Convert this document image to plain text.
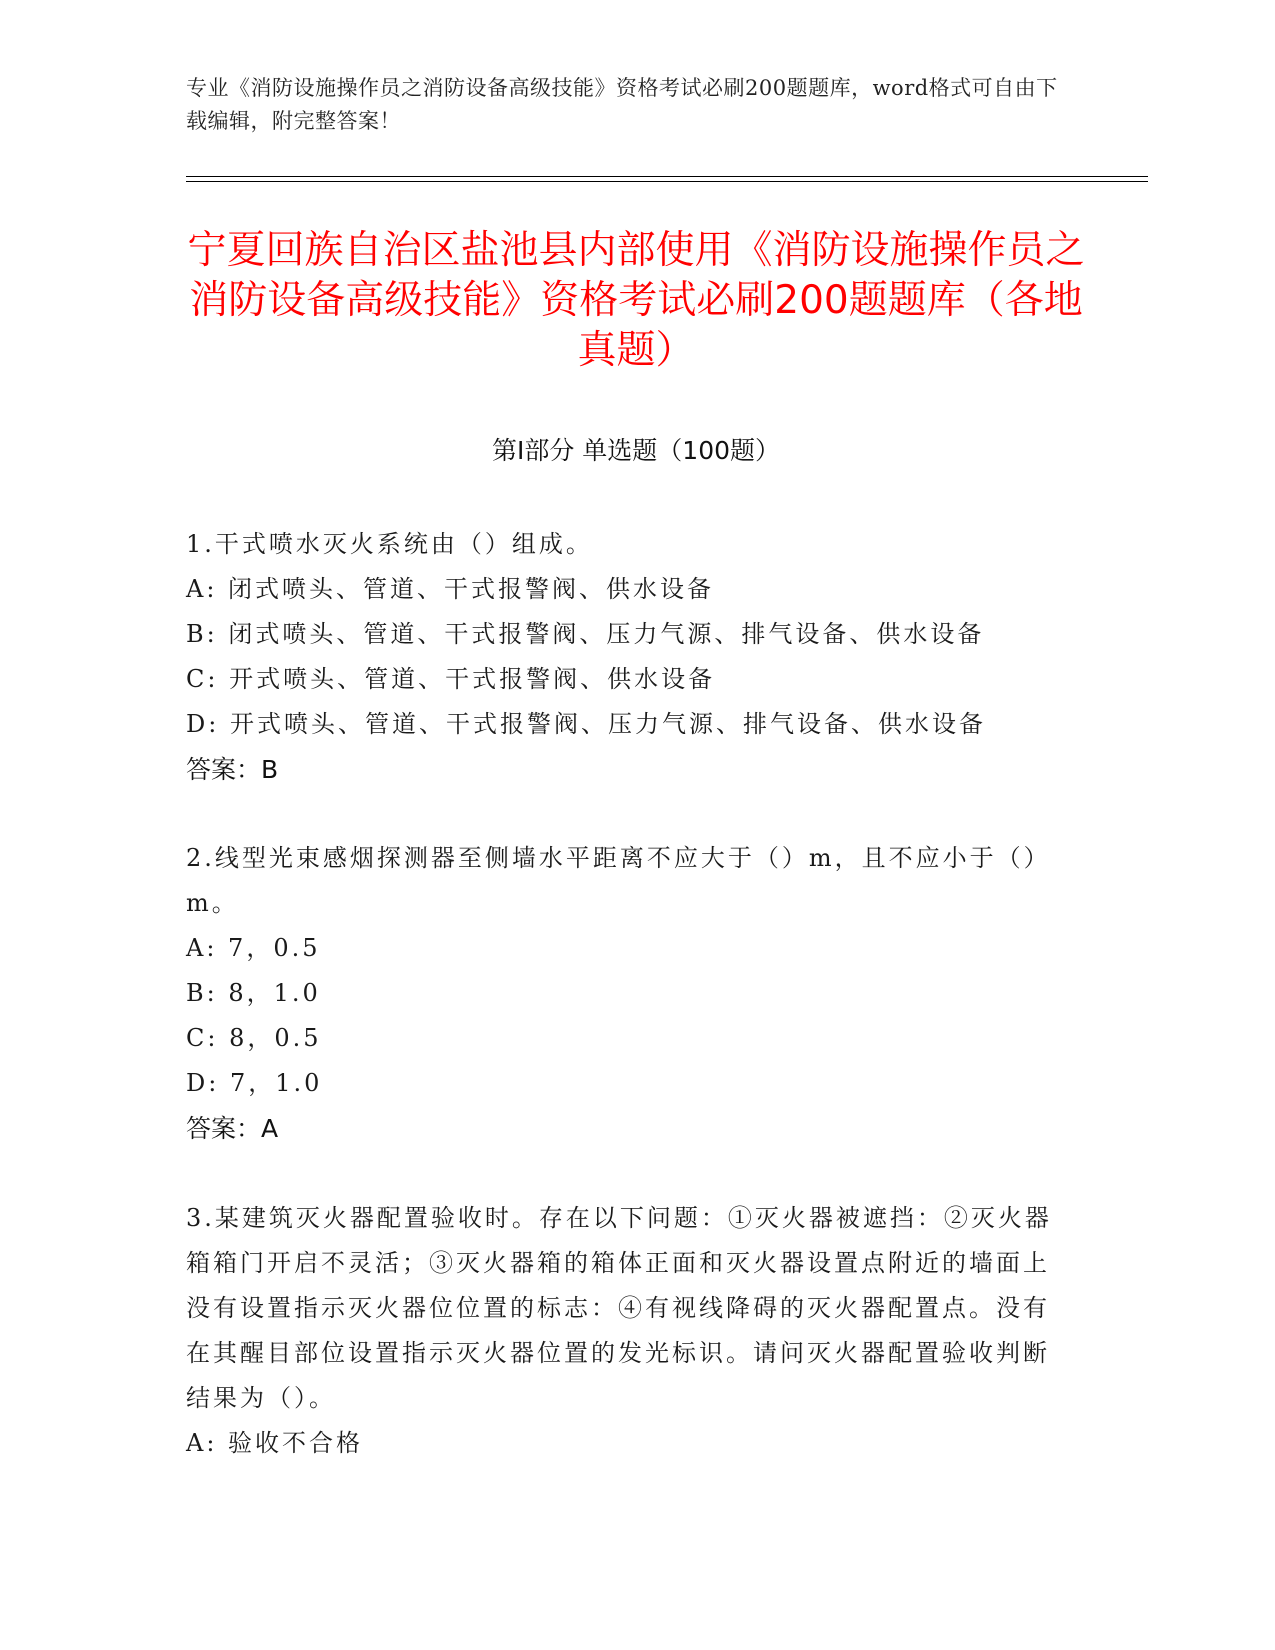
专业《消防设施操作员之消防设备高级技能》资格考试必刷200题题库，word格式可自由下载编辑，附完整答案！
宁夏回族自治区盐池县内部使用《消防设施操作员之消防设备高级技能》资格考试必刷200题题库（各地真题）
第Ⅰ部分 单选题（100题）
1.干式喷水灭火系统由（）组成。
A: 闭式喷头、管道、干式报警阀、供水设备
B: 闭式喷头、管道、干式报警阀、压力气源、排气设备、供水设备
C: 开式喷头、管道、干式报警阀、供水设备
D: 开式喷头、管道、干式报警阀、压力气源、排气设备、供水设备
答案：B
2.线型光束感烟探测器至侧墙水平距离不应大于（）m，且不应小于（）m。
A: 7，0.5
B: 8，1.0
C: 8，0.5
D: 7，1.0
答案：A
3.某建筑灭火器配置验收时。存在以下问题：①灭火器被遮挡：②灭火器箱箱门开启不灵活；③灭火器箱的箱体正面和灭火器设置点附近的墙面上没有设置指示灭火器位位置的标志：④有视线降碍的灭火器配置点。没有在其醒目部位设置指示灭火器位置的发光标识。请问灭火器配置验收判断结果为（）。
A: 验收不合格
